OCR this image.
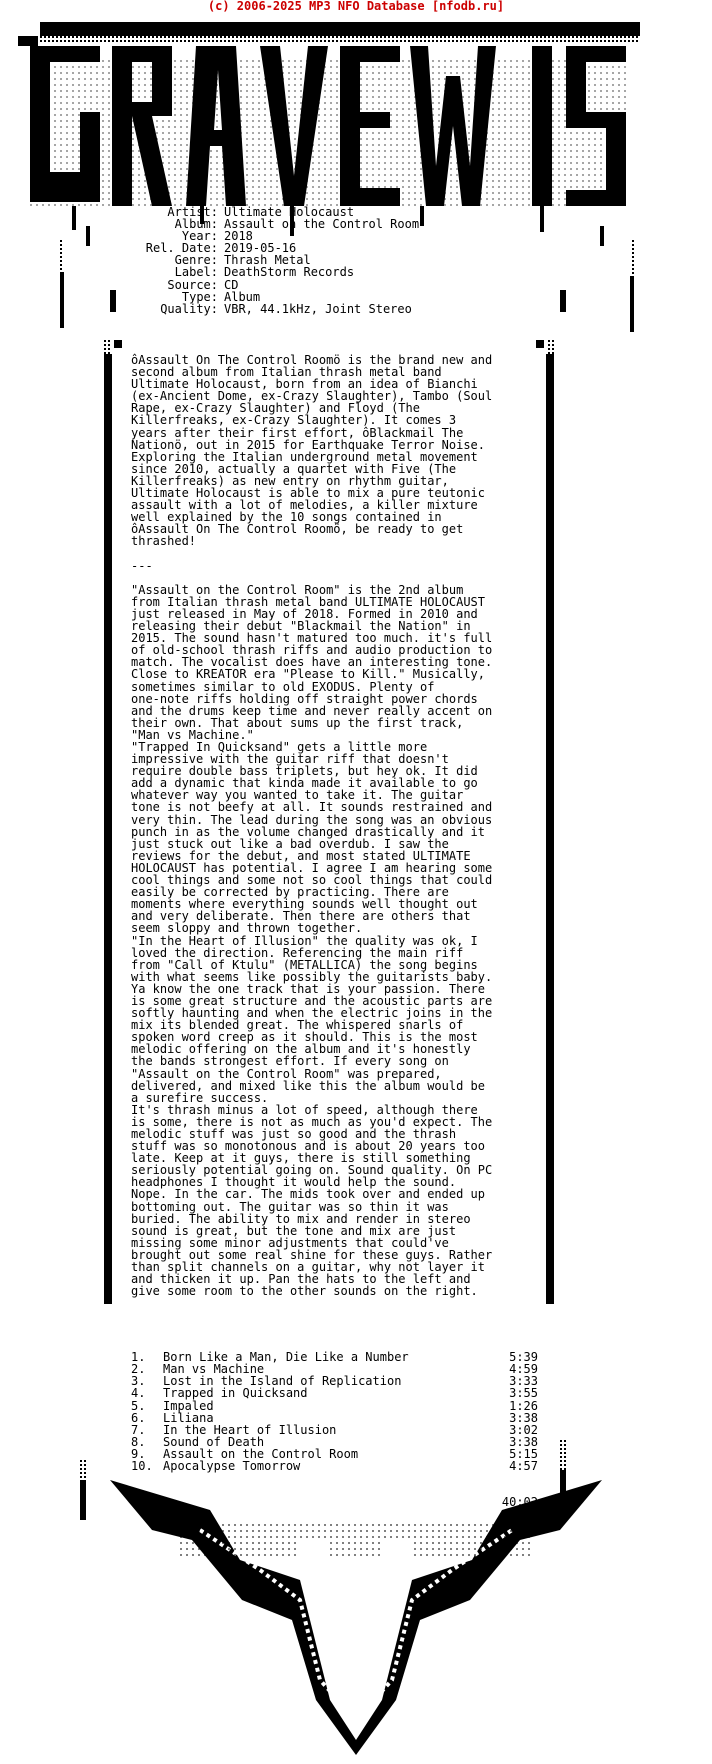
(c) 2006-2025 MP3 NFO Database [nfodb.ru]
Artist: Ultimate Holocaust
Album: Assault on the Control Room
Year: 2018
Rel. Date: 2019-05-16
Genre: Thrash Metal
Label: DeathStorm Records
Source: CD
Type: Album
Quality: VBR, 44.1kHz, Joint Stereo
ôAssault On The Control Roomö is the brand new and
second album from Italian thrash metal band
Ultimate Holocaust, born from an idea of Bianchi
(ex-Ancient Dome, ex-Crazy Slaughter), Tambo (Soul
Rape, ex-Crazy Slaughter) and Floyd (The
Killerfreaks, ex-Crazy Slaughter). It comes 3
years after their first effort, ôBlackmail The
Nationö, out in 2015 for Earthquake Terror Noise.
Exploring the Italian underground metal movement
since 2010, actually a quartet with Five (The
Killerfreaks) as new entry on rhythm guitar,
Ultimate Holocaust is able to mix a pure teutonic
assault with a lot of melodies, a killer mixture
well explained by the 10 songs contained in
ôAssault On The Control Roomö, be ready to get
thrashed!

---

"Assault on the Control Room" is the 2nd album
from Italian thrash metal band ULTIMATE HOLOCAUST
just released in May of 2018. Formed in 2010 and
releasing their debut "Blackmail the Nation" in
2015. The sound hasn't matured too much. it's full
of old-school thrash riffs and audio production to
match. The vocalist does have an interesting tone.
Close to KREATOR era "Please to Kill." Musically,
sometimes similar to old EXODUS. Plenty of
one-note riffs holding off straight power chords
and the drums keep time and never really accent on
their own. That about sums up the first track,
"Man vs Machine."
"Trapped In Quicksand" gets a little more
impressive with the guitar riff that doesn't
require double bass triplets, but hey ok. It did
add a dynamic that kinda made it available to go
whatever way you wanted to take it. The guitar
tone is not beefy at all. It sounds restrained and
very thin. The lead during the song was an obvious
punch in as the volume changed drastically and it
just stuck out like a bad overdub. I saw the
reviews for the debut, and most stated ULTIMATE
HOLOCAUST has potential. I agree I am hearing some
cool things and some not so cool things that could
easily be corrected by practicing. There are
moments where everything sounds well thought out
and very deliberate. Then there are others that
seem sloppy and thrown together.
"In the Heart of Illusion" the quality was ok, I
loved the direction. Referencing the main riff
from "Call of Ktulu" (METALLICA) the song begins
with what seems like possibly the guitarists baby.
Ya know the one track that is your passion. There
is some great structure and the acoustic parts are
softly haunting and when the electric joins in the
mix its blended great. The whispered snarls of
spoken word creep as it should. This is the most
melodic offering on the album and it's honestly
the bands strongest effort. If every song on
"Assault on the Control Room" was prepared,
delivered, and mixed like this the album would be
a surefire success.
It's thrash minus a lot of speed, although there
is some, there is not as much as you'd expect. The
melodic stuff was just so good and the thrash
stuff was so monotonous and is about 20 years too
late. Keep at it guys, there is still something
seriously potential going on. Sound quality. On PC
headphones I thought it would help the sound.
Nope. In the car. The mids took over and ended up
bottoming out. The guitar was so thin it was
buried. The ability to mix and render in stereo
sound is great, but the tone and mix are just
missing some minor adjustments that could've
brought out some real shine for these guys. Rather
than split channels on a guitar, why not layer it
and thicken it up. Pan the hats to the left and
give some room to the other sounds on the right.

1.	Born Like a Man, Die Like a Number	5:39
2.	Man vs Machine	4:59
3.	Lost in the Island of Replication	3:33
4.	Trapped in Quicksand	3:55
5.	Impaled	1:26
6.	Liliana	3:38
7.	In the Heart of Illusion	3:02
8.	Sound of Death	3:38
9.	Assault on the Control Room	5:15
10. Apocalypse Tomorrow	4:57

40:02
